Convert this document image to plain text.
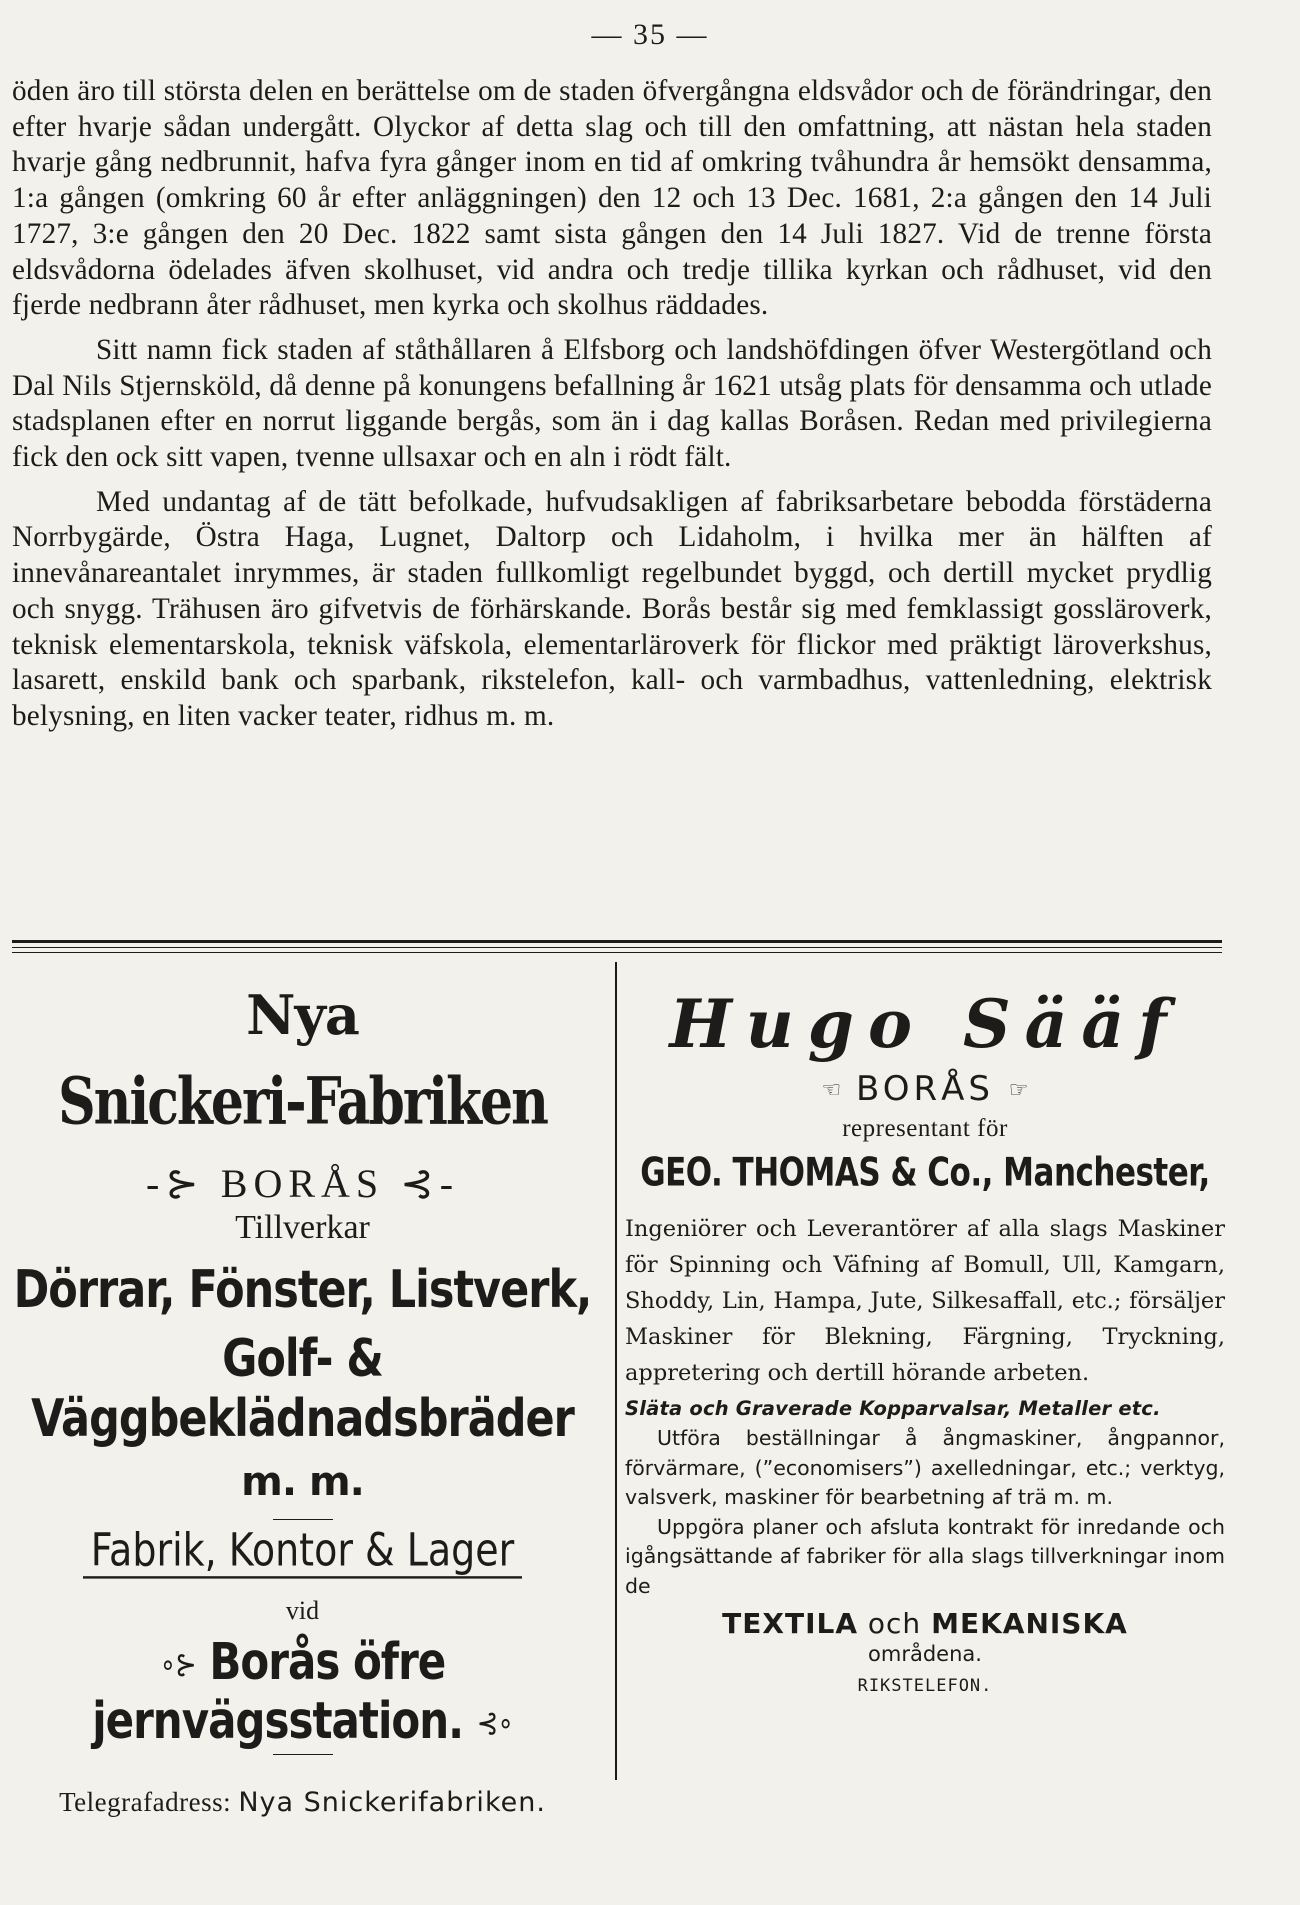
— 35 —

öden äro till största delen en berättelse om de staden öfvergångna eldsvådor och de förändringar, den efter hvarje sådan undergått. Olyckor af detta slag och till den omfattning, att nästan hela staden hvarje gång nedbrunnit, hafva fyra gånger inom en tid af omkring tvåhundra år hemsökt densamma, 1:a gången (omkring 60 år efter anläggningen) den 12 och 13 Dec. 1681, 2:a gången den 14 Juli 1727, 3:e gången den 20 Dec. 1822 samt sista gången den 14 Juli 1827. Vid de trenne första eldsvådorna ödelades äfven skolhuset, vid andra och tredje tillika kyrkan och rådhuset, vid den fjerde nedbrann åter rådhuset, men kyrka och skolhus räddades.

Sitt namn fick staden af ståthållaren å Elfsborg och landshöfdingen öfver Westergötland och Dal Nils Stjernsköld, då denne på konungens befallning år 1621 utsåg plats för densamma och utlade stadsplanen efter en norrut liggande bergås, som än i dag kallas Boråsen. Redan med privilegierna fick den ock sitt vapen, tvenne ullsaxar och en aln i rödt fält.

Med undantag af de tätt befolkade, hufvudsakligen af fabriksarbetare bebodda förstäderna Norrbygärde, Östra Haga, Lugnet, Daltorp och Lidaholm, i hvilka mer än hälften af innevånareantalet inrymmes, är staden fullkomligt regelbundet byggd, och dertill mycket prydlig och snygg. Trähusen äro gifvetvis de förhärskande. Borås består sig med femklassigt gossläroverk, teknisk elementarskola, teknisk väfskola, elementarläroverk för flickor med präktigt läroverkshus, lasarett, enskild bank och sparbank, rikstelefon, kall- och varmbadhus, vattenledning, elektrisk belysning, en liten vacker teater, ridhus m. m.

Nya
Snickeri-Fabriken
-⊱ BORÅS ⊰-
Tillverkar
Dörrar, Fönster, Listverk,
Golf- & Väggbeklädnadsbräder
m. m.
Fabrik, Kontor & Lager
vid
∘⊱ Borås öfre jernvägsstation. ⊰∘
Telegrafadress: Nya Snickerifabriken.
Hugo Sääf
☜ BORÅS ☞
representant för
GEO. THOMAS & Co., Manchester,
Ingeniörer och Leverantörer af alla slags Maskiner för Spinning och Väfning af Bomull, Ull, Kamgarn, Shoddy, Lin, Hampa, Jute, Silkesaffall, etc.; försäljer Maskiner för Blekning, Färgning, Tryckning, appretering och dertill hörande arbeten.
Släta och Graverade Kopparvalsar, Metaller etc.

Utföra beställningar å ångmaskiner, ångpannor, förvärmare, (”economisers”) axelledningar, etc.; verktyg, valsverk, maskiner för bearbetning af trä m. m.

Uppgöra planer och afsluta kontrakt för inredande och igångsättande af fabriker för alla slags tillverkningar inom de

TEXTILA och MEKANISKA
områdena.
RIKSTELEFON.
